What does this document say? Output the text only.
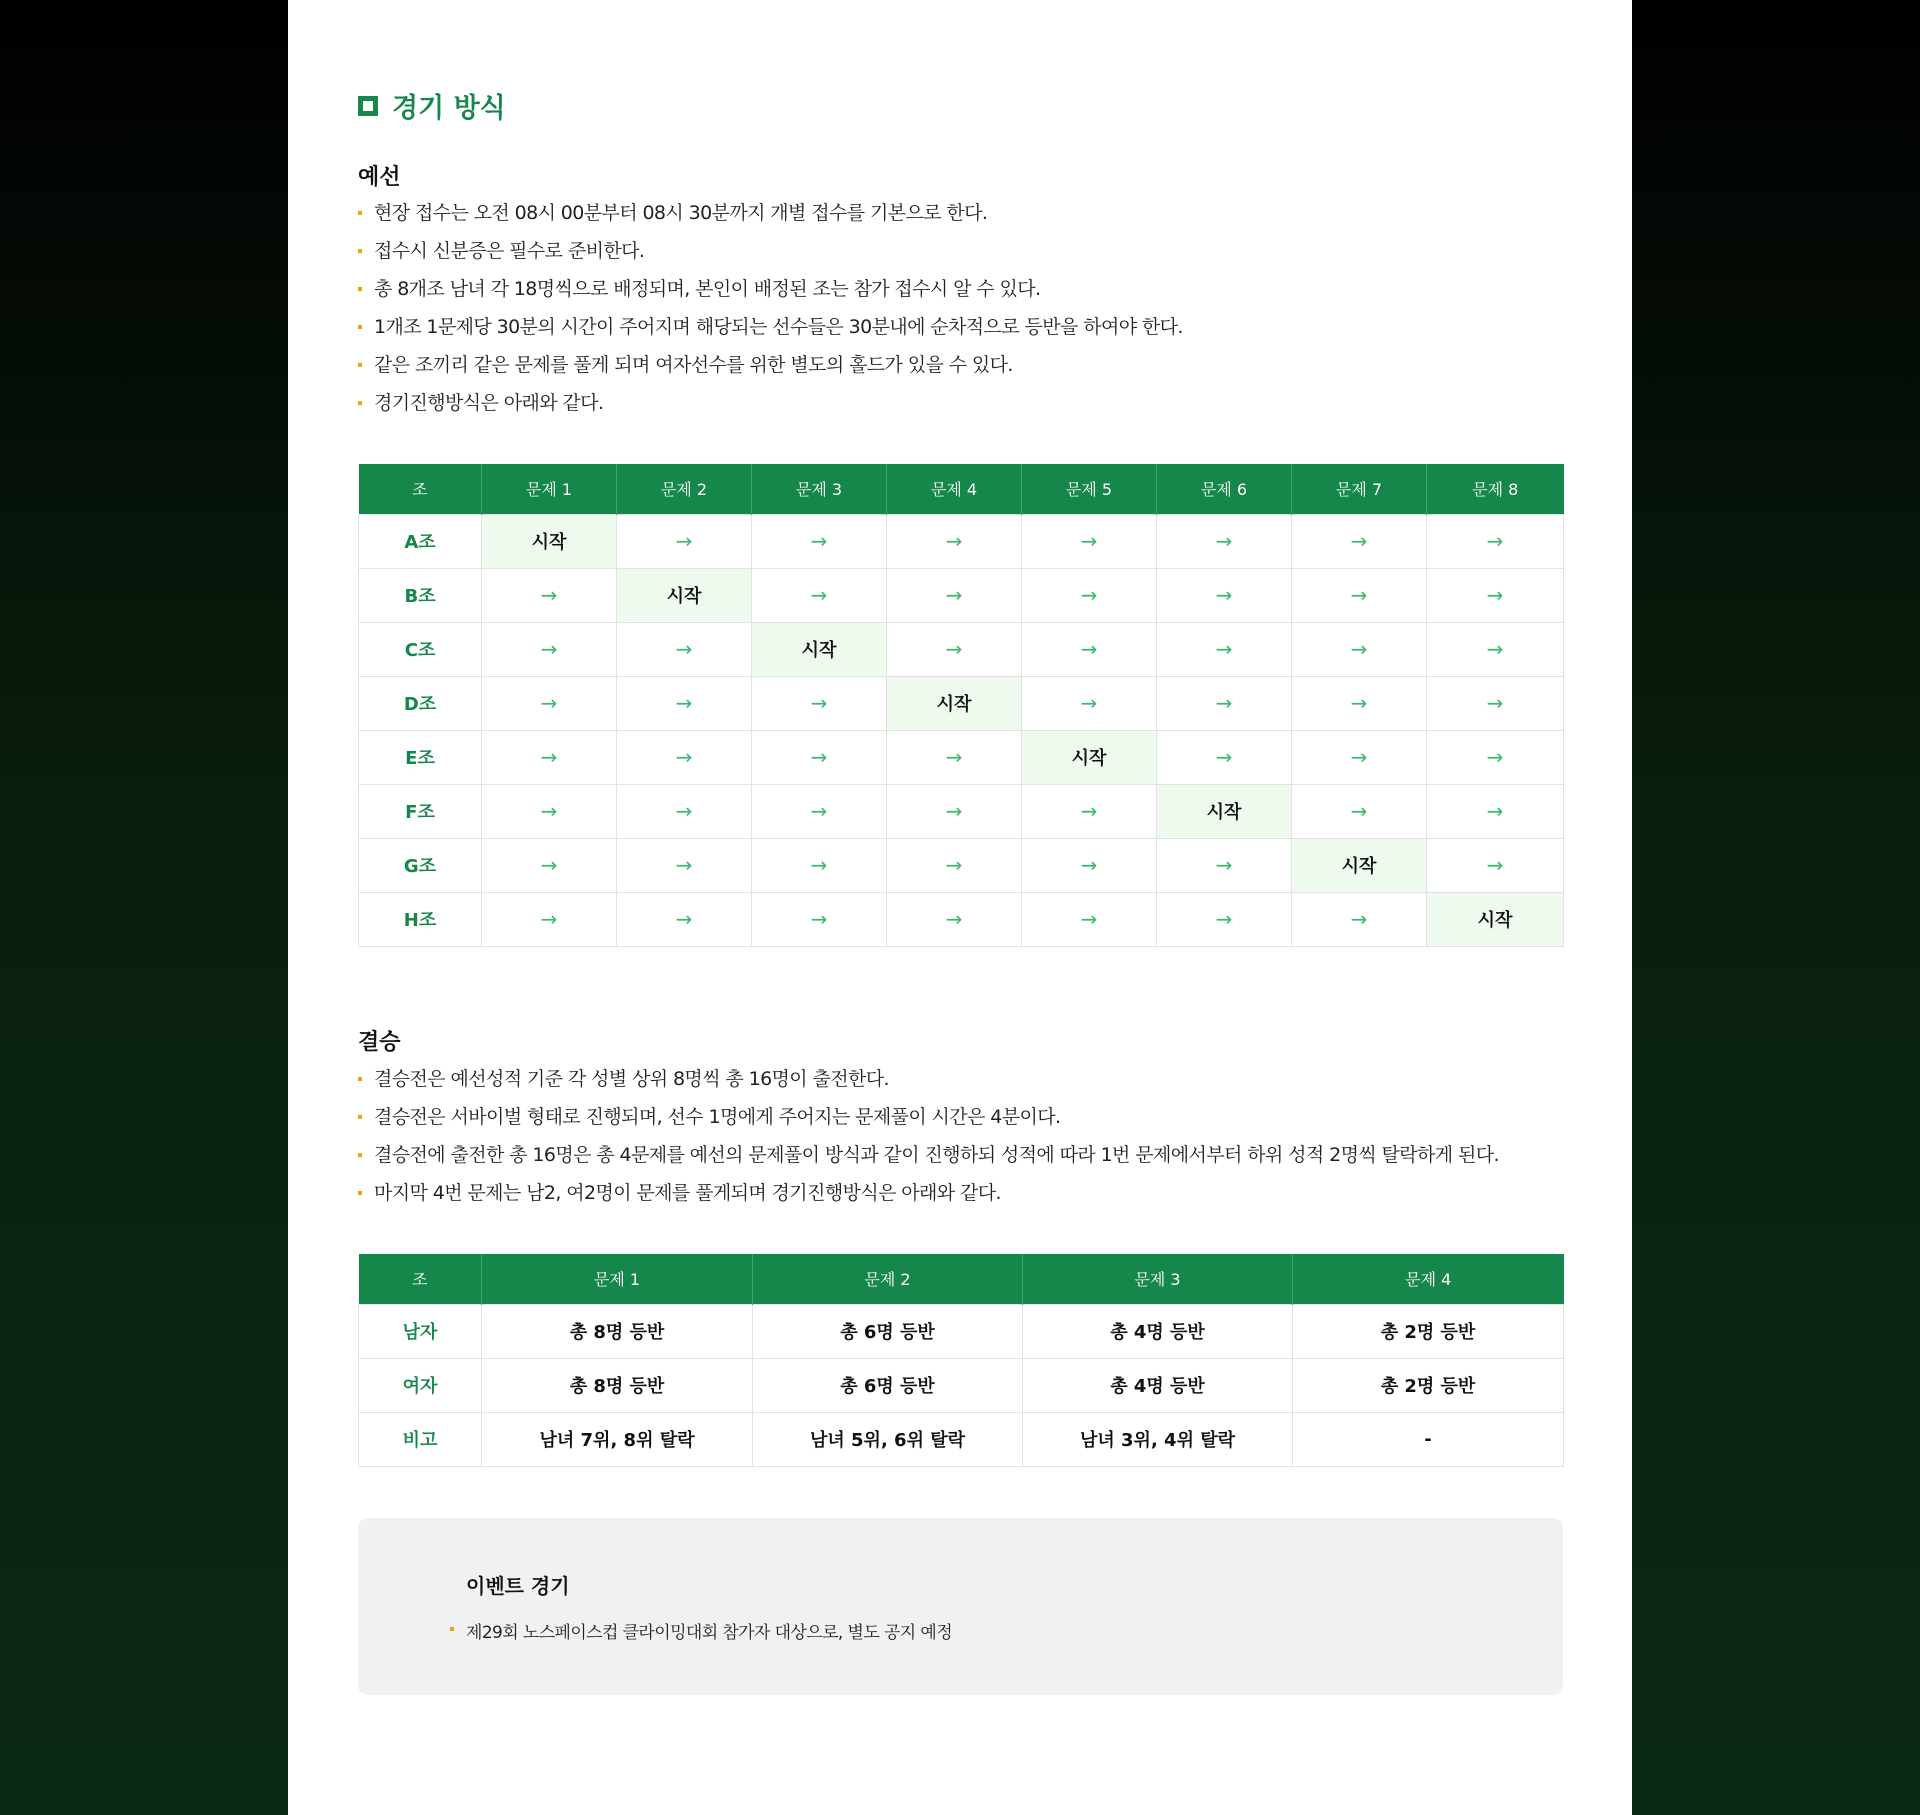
경기 방식
예선
현장 접수는 오전 08시 00분부터 08시 30분까지 개별 접수를 기본으로 한다.
접수시 신분증은 필수로 준비한다.
총 8개조 남녀 각 18명씩으로 배정되며, 본인이 배정된 조는 참가 접수시 알 수 있다.
1개조 1문제당 30분의 시간이 주어지며 해당되는 선수들은 30분내에 순차적으로 등반을 하여야 한다.
같은 조끼리 같은 문제를 풀게 되며 여자선수를 위한 별도의 홀드가 있을 수 있다.
경기진행방식은 아래와 같다.
조	문제 1	문제 2	문제 3	문제 4	문제 5	문제 6	문제 7	문제 8
A조	시작	→	→	→	→	→	→	→
B조	→	시작	→	→	→	→	→	→
C조	→	→	시작	→	→	→	→	→
D조	→	→	→	시작	→	→	→	→
E조	→	→	→	→	시작	→	→	→
F조	→	→	→	→	→	시작	→	→
G조	→	→	→	→	→	→	시작	→
H조	→	→	→	→	→	→	→	시작
결승
결승전은 예선성적 기준 각 성별 상위 8명씩 총 16명이 출전한다.
결승전은 서바이벌 형태로 진행되며, 선수 1명에게 주어지는 문제풀이 시간은 4분이다.
결승전에 출전한 총 16명은 총 4문제를 예선의 문제풀이 방식과 같이 진행하되 성적에 따라 1번 문제에서부터 하위 성적 2명씩 탈락하게 된다.
마지막 4번 문제는 남2, 여2명이 문제를 풀게되며 경기진행방식은 아래와 같다.
조	문제 1	문제 2	문제 3	문제 4
남자	총 8명 등반	총 6명 등반	총 4명 등반	총 2명 등반
여자	총 8명 등반	총 6명 등반	총 4명 등반	총 2명 등반
비고	남녀 7위, 8위 탈락	남녀 5위, 6위 탈락	남녀 3위, 4위 탈락	-
이벤트 경기
제29회 노스페이스컵 클라이밍대회 참가자 대상으로, 별도 공지 예정
